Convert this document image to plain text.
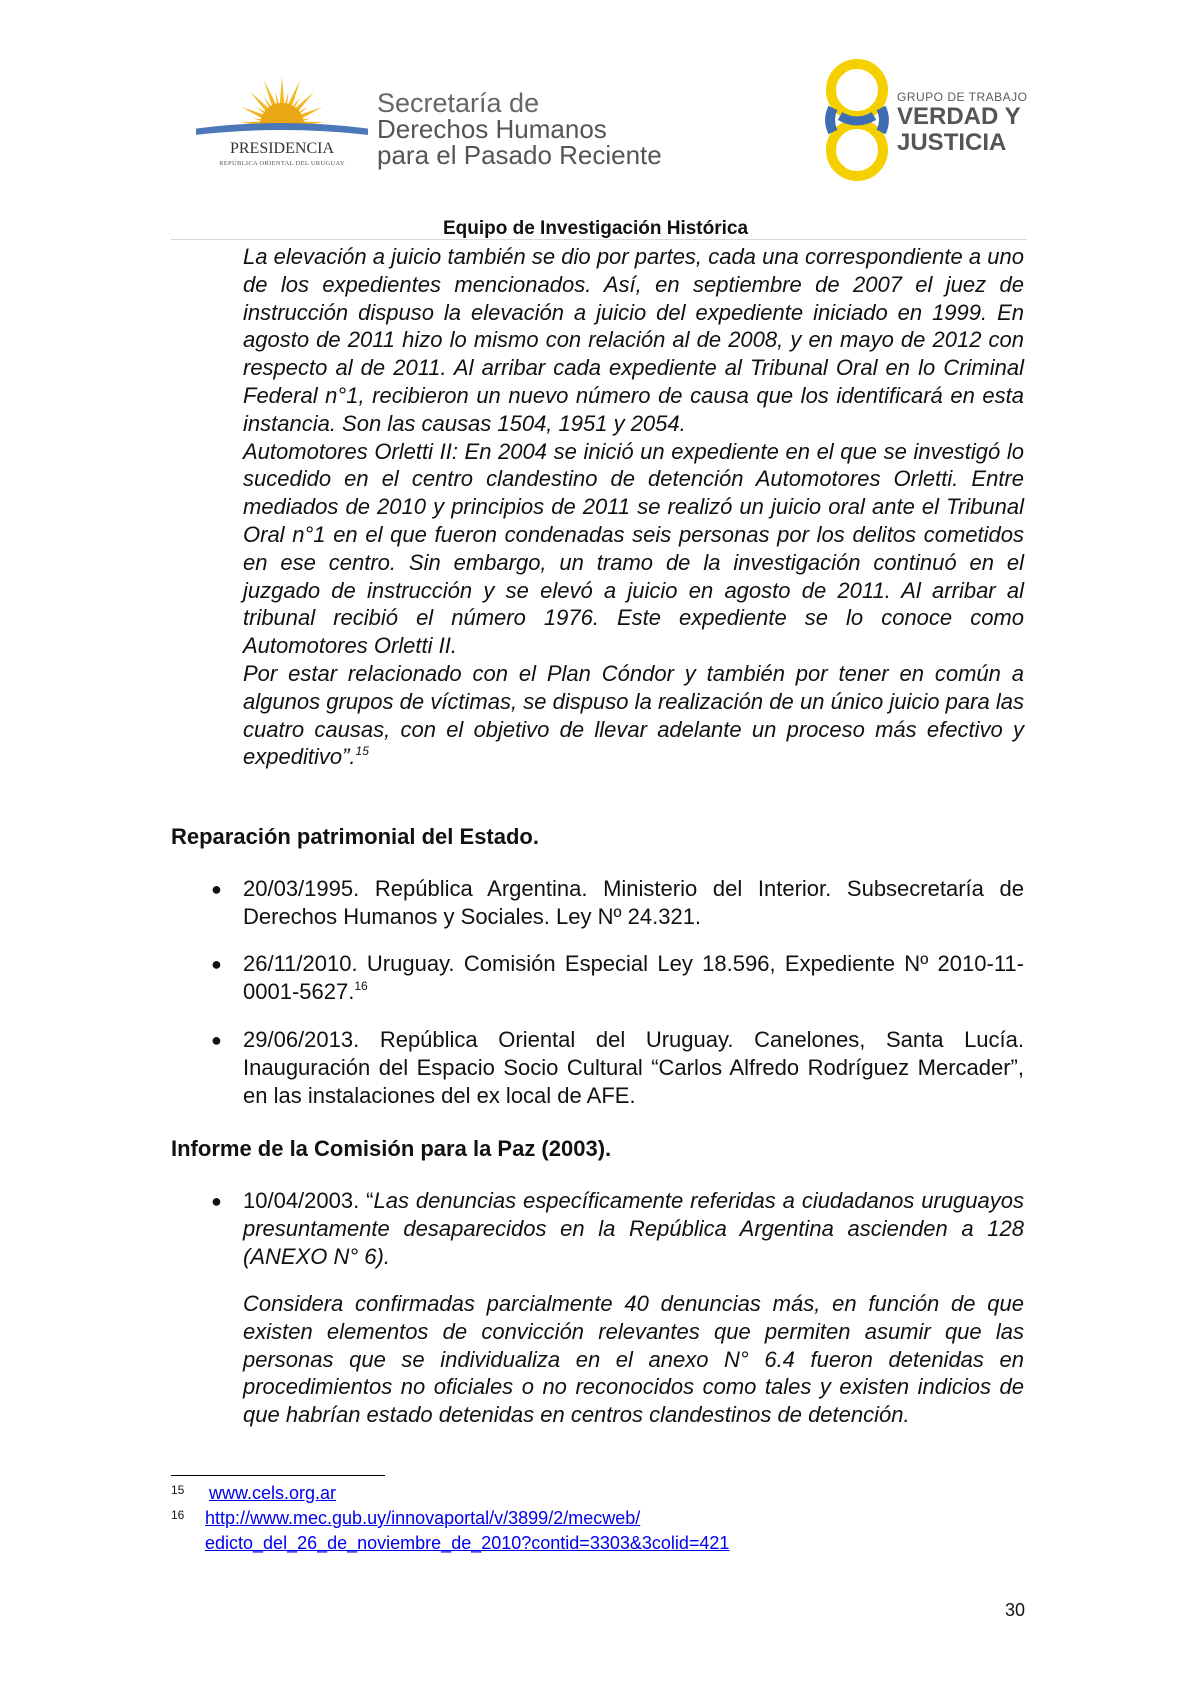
PRESIDENCIA
REPÚBLICA ORIENTAL DEL URUGUAY
Secretaría de
Derechos Humanos
para el Pasado Reciente
GRUPO DE TRABAJO
VERDAD Y
JUSTICIA
Equipo de Investigación Histórica

La elevación a juicio también se dio por partes, cada una correspondiente a uno de los expedientes mencionados. Así, en septiembre de 2007 el juez de instrucción dispuso la elevación a juicio del expediente iniciado en 1999. En agosto de 2011 hizo lo mismo con relación al de 2008, y en mayo de 2012 con respecto al de 2011. Al arribar cada expediente al Tribunal Oral en lo Criminal Federal n°1, recibieron un nuevo número de causa que los identificará en esta instancia. Son las causas 1504, 1951 y 2054.

Automotores Orletti II: En 2004 se inició un expediente en el que se investigó lo sucedido en el centro clandestino de detención Automotores Orletti. Entre mediados de 2010 y principios de 2011 se realizó un juicio oral ante el Tribunal Oral n°1 en el que fueron condenadas seis personas por los delitos cometidos en ese centro. Sin embargo, un tramo de la investigación continuó en el juzgado de instrucción y se elevó a juicio en agosto de 2011. Al arribar al tribunal recibió el número 1976. Este expediente se lo conoce como Automotores Orletti II.

Por estar relacionado con el Plan Cóndor y también por tener en común a algunos grupos de víctimas, se dispuso la realización de un único juicio para las cuatro causas, con el objetivo de llevar adelante un proceso más efectivo y expeditivo”.$^{15}$

Reparación patrimonial del Estado.
● 20/03/1995. República Argentina. Ministerio del Interior. Subsecretaría de Derechos Humanos y Sociales. Ley Nº 24.321.
● 26/11/2010. Uruguay. Comisión Especial Ley 18.596, Expediente Nº 2010-11-0001-5627.16
● 29/06/2013. República Oriental del Uruguay. Canelones, Santa Lucía. Inauguración del Espacio Socio Cultural “Carlos Alfredo Rodríguez Mercader”, en las instalaciones del ex local de AFE.
Informe de la Comisión para la Paz (2003).
● 10/04/2003. “Las denuncias específicamente referidas a ciudadanos uruguayos presuntamente desaparecidos en la República Argentina ascienden a 128 (ANEXO N° 6).
Considera confirmadas parcialmente 40 denuncias más, en función de que existen elementos de convicción relevantes que permiten asumir que las personas que se individualiza en el anexo N° 6.4 fueron detenidas en procedimientos no oficiales o no reconocidos como tales y existen indicios de que habrían estado detenidas en centros clandestinos de detención.
15 www.cels.org.ar
16 http://www.mec.gub.uy/innovaportal/v/3899/2/mecweb/
edicto_del_26_de_noviembre_de_2010?contid=3303&3colid=421
30
